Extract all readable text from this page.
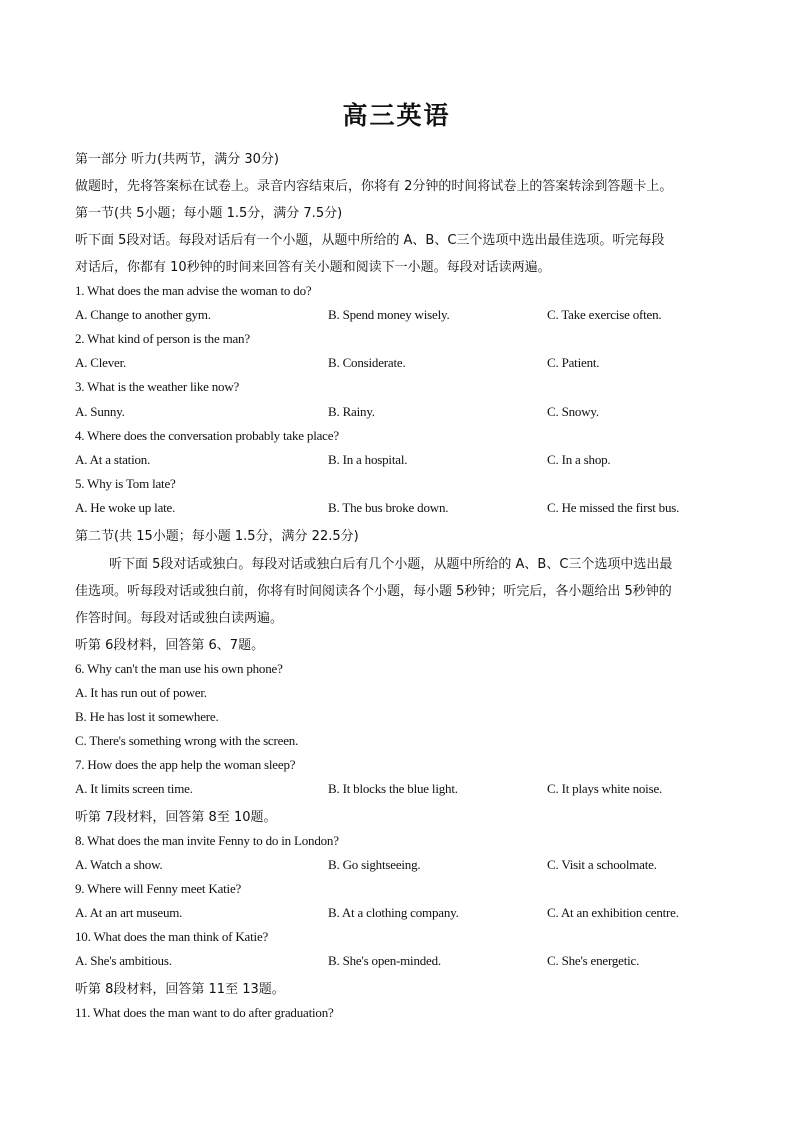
高三英语
第一部分 听力(共两节，满分 30分)
做题时，先将答案标在试卷上。录音内容结束后，你将有 2分钟的时间将试卷上的答案转涂到答题卡上。
第一节(共 5小题；每小题 1.5分，满分 7.5分)
听下面 5段对话。每段对话后有一个小题，从题中所给的 A、B、C三个选项中选出最佳选项。听完每段
对话后，你都有 10秒钟的时间来回答有关小题和阅读下一小题。每段对话读两遍。
1. What does the man advise the woman to do?
A. Change to another gym.	B. Spend money wisely.	C. Take exercise often.
2. What kind of person is the man?
A. Clever.	B. Considerate.	C. Patient.
3. What is the weather like now?
A. Sunny.	B. Rainy.	C. Snowy.
4. Where does the conversation probably take place?
A. At a station.	B. In a hospital.	C. In a shop.
5. Why is Tom late?
A. He woke up late.	B. The bus broke down.	C. He missed the first bus.
第二节(共 15小题；每小题 1.5分，满分 22.5分)
听下面 5段对话或独白。每段对话或独白后有几个小题，从题中所给的 A、B、C三个选项中选出最
佳选项。听每段对话或独白前，你将有时间阅读各个小题，每小题 5秒钟；听完后，各小题给出 5秒钟的
作答时间。每段对话或独白读两遍。
听第 6段材料，回答第 6、7题。
6. Why can't the man use his own phone?
A. It has run out of power.
B. He has lost it somewhere.
C. There's something wrong with the screen.
7. How does the app help the woman sleep?
A. It limits screen time.	B. It blocks the blue light.	C. It plays white noise.
听第 7段材料，回答第 8至 10题。
8. What does the man invite Fenny to do in London?
A. Watch a show.	B. Go sightseeing.	C. Visit a schoolmate.
9. Where will Fenny meet Katie?
A. At an art museum.	B. At a clothing company.	C. At an exhibition centre.
10. What does the man think of Katie?
A. She's ambitious.	B. She's open-minded.	C. She's energetic.
听第 8段材料，回答第 11至 13题。
11. What does the man want to do after graduation?
